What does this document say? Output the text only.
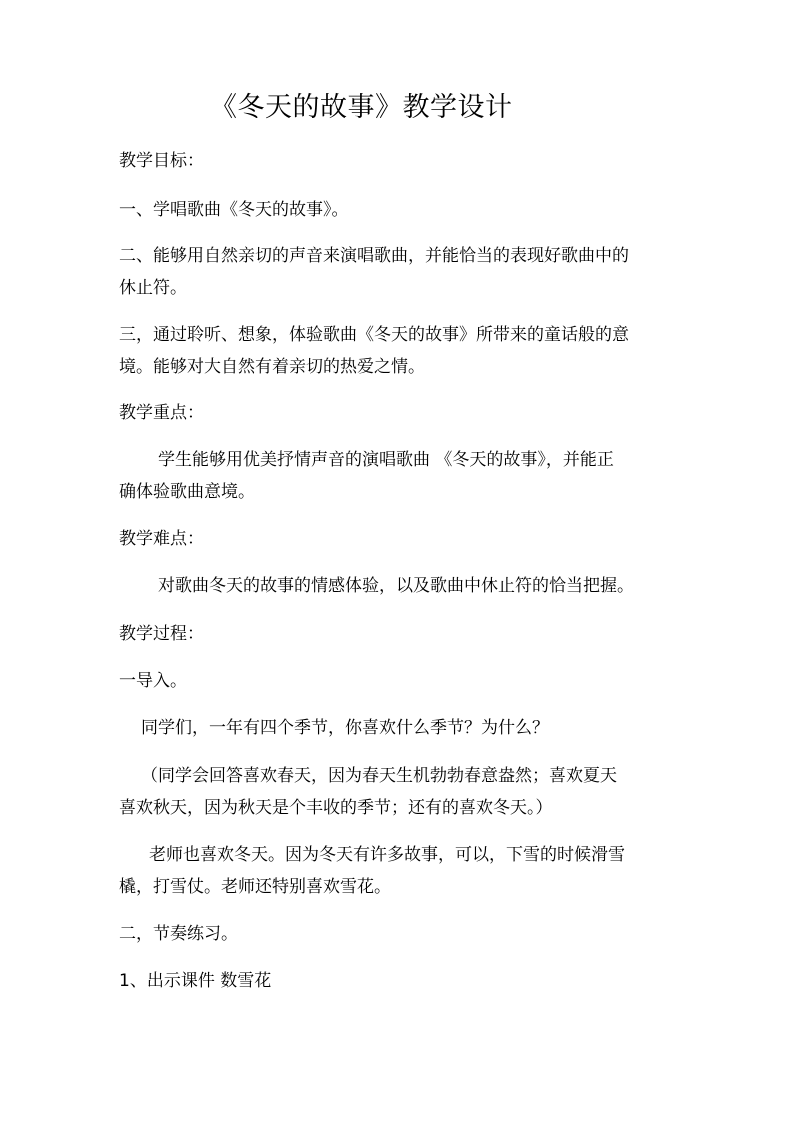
《冬天的故事》教学设计
教学目标：
一、学唱歌曲《冬天的故事》。
二、能够用自然亲切的声音来演唱歌曲，并能恰当的表现好歌曲中的
休止符。
三，通过聆听、想象，体验歌曲《冬天的故事》所带来的童话般的意
境。能够对大自然有着亲切的热爱之情。
教学重点：
学生能够用优美抒情声音的演唱歌曲 《冬天的故事》，并能正
确体验歌曲意境。
教学难点：
对歌曲冬天的故事的情感体验，以及歌曲中休止符的恰当把握。
教学过程：
一导入。
同学们，一年有四个季节，你喜欢什么季节？为什么？
（同学会回答喜欢春天，因为春天生机勃勃春意盎然；喜欢夏天
喜欢秋天，因为秋天是个丰收的季节；还有的喜欢冬天。）
老师也喜欢冬天。因为冬天有许多故事，可以，下雪的时候滑雪
橇，打雪仗。老师还特别喜欢雪花。
二，节奏练习。
1、出示课件 数雪花
